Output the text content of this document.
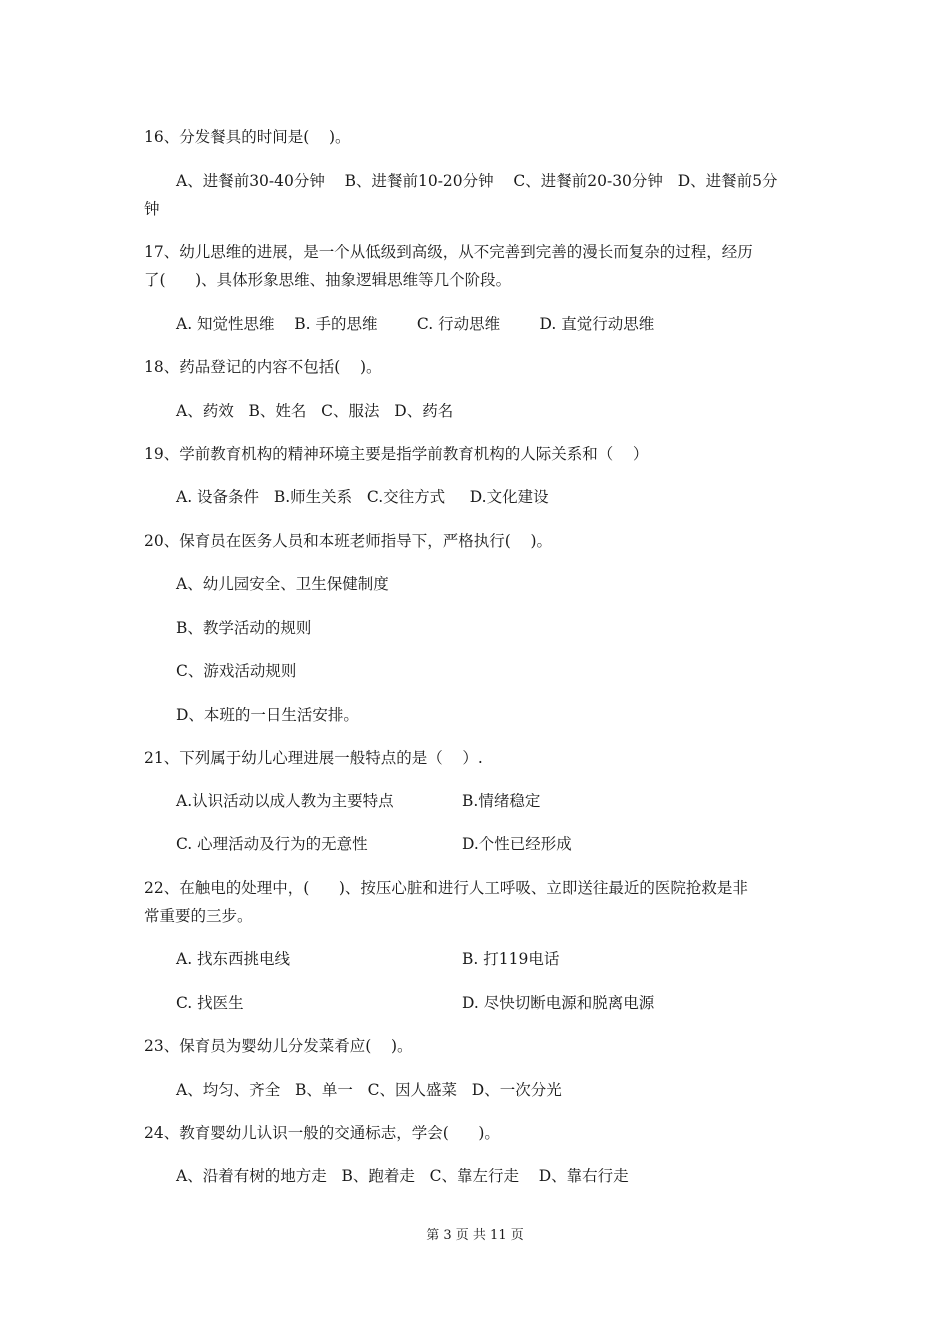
16、分发餐具的时间是(    )。
A、进餐前30-40分钟    B、进餐前10-20分钟    C、进餐前20-30分钟   D、进餐前5分
钟
17、幼儿思维的进展，是一个从低级到高级，从不完善到完善的漫长而复杂的过程，经历
了(      )、具体形象思维、抽象逻辑思维等几个阶段。
A. 知觉性思维    B. 手的思维        C. 行动思维        D. 直觉行动思维
18、药品登记的内容不包括(    )。
A、药效   B、姓名   C、服法   D、药名
19、学前教育机构的精神环境主要是指学前教育机构的人际关系和（    ）
A. 设备条件   B.师生关系   C.交往方式     D.文化建设
20、保育员在医务人员和本班老师指导下，严格执行(    )。
A、幼儿园安全、卫生保健制度
B、教学活动的规则
C、游戏活动规则
D、本班的一日生活安排。
21、下列属于幼儿心理进展一般特点的是（    ）.
A.认识活动以成人教为主要特点	B.情绪稳定
C. 心理活动及行为的无意性	D.个性已经形成
22、在触电的处理中，(      )、按压心脏和进行人工呼吸、立即送往最近的医院抢救是非
常重要的三步。
A. 找东西挑电线	B. 打119电话
C. 找医生	D. 尽快切断电源和脱离电源
23、保育员为婴幼儿分发菜肴应(    )。
A、均匀、齐全   B、单一   C、因人盛菜   D、一次分光
24、教育婴幼儿认识一般的交通标志，学会(      )。
A、沿着有树的地方走   B、跑着走   C、靠左行走    D、靠右行走
第 3 页 共 11 页
